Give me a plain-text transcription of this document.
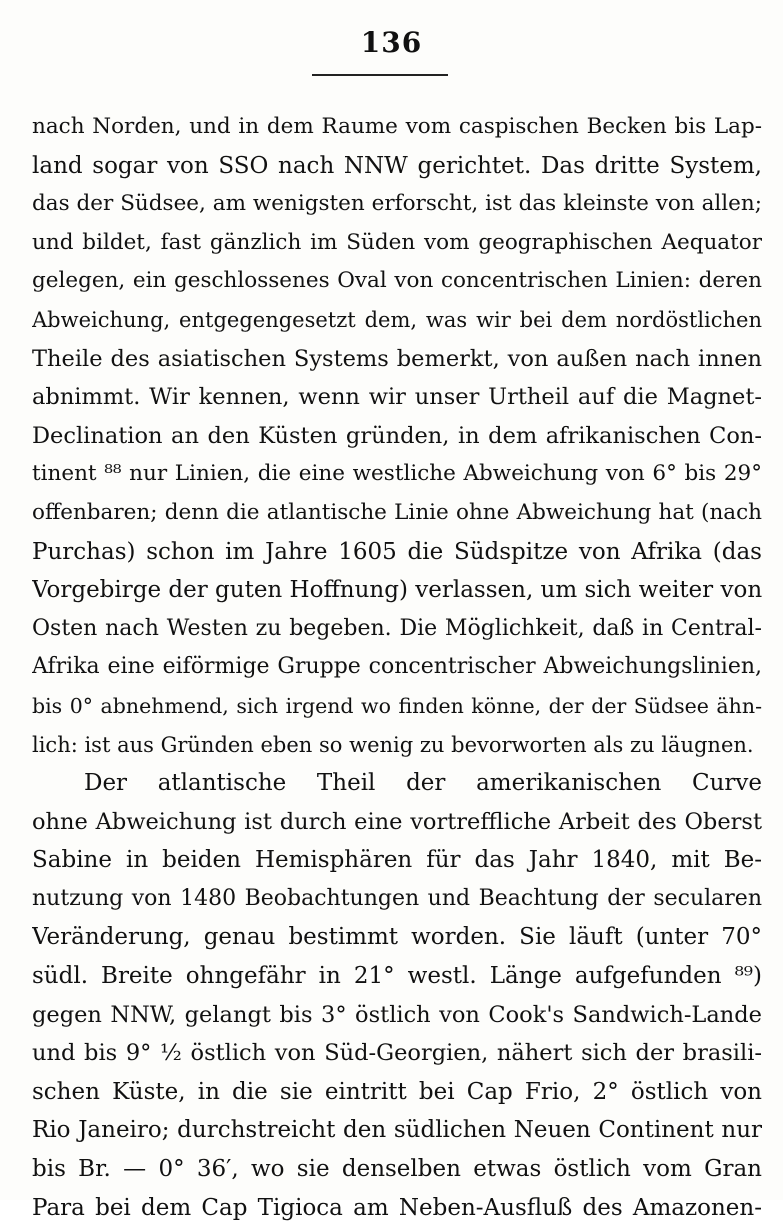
136
nach Norden, und in dem Raume vom caspischen Becken bis Lap-
land sogar von SSO nach NNW gerichtet. Das dritte System,
das der Südsee, am wenigsten erforscht, ist das kleinste von allen;
und bildet, fast gänzlich im Süden vom geographischen Aequator
gelegen, ein geschlossenes Oval von concentrischen Linien: deren
Abweichung, entgegengesetzt dem, was wir bei dem nordöstlichen
Theile des asiatischen Systems bemerkt, von außen nach innen
abnimmt. Wir kennen, wenn wir unser Urtheil auf die Magnet-
Declination an den Küsten gründen, in dem afrikanischen Con-
tinent ⁸⁸ nur Linien, die eine westliche Abweichung von 6° bis 29°
offenbaren; denn die atlantische Linie ohne Abweichung hat (nach
Purchas) schon im Jahre 1605 die Südspitze von Afrika (das
Vorgebirge der guten Hoffnung) verlassen, um sich weiter von
Osten nach Westen zu begeben. Die Möglichkeit, daß in Central-
Afrika eine eiförmige Gruppe concentrischer Abweichungslinien,
bis 0° abnehmend, sich irgend wo finden könne, der der Südsee ähn-
lich: ist aus Gründen eben so wenig zu bevorworten als zu läugnen.
Der atlantische Theil der amerikanischen Curve
ohne Abweichung ist durch eine vortreffliche Arbeit des Oberst
Sabine in beiden Hemisphären für das Jahr 1840, mit Be-
nutzung von 1480 Beobachtungen und Beachtung der secularen
Veränderung, genau bestimmt worden. Sie läuft (unter 70°
südl. Breite ohngefähr in 21° westl. Länge aufgefunden ⁸⁹)
gegen NNW, gelangt bis 3° östlich von Cook's Sandwich-Lande
und bis 9° ½ östlich von Süd-Georgien, nähert sich der brasili-
schen Küste, in die sie eintritt bei Cap Frio, 2° östlich von
Rio Janeiro; durchstreicht den südlichen Neuen Continent nur
bis Br. — 0° 36′, wo sie denselben etwas östlich vom Gran
Para bei dem Cap Tigioca am Neben-Ausfluß des Amazonen-
